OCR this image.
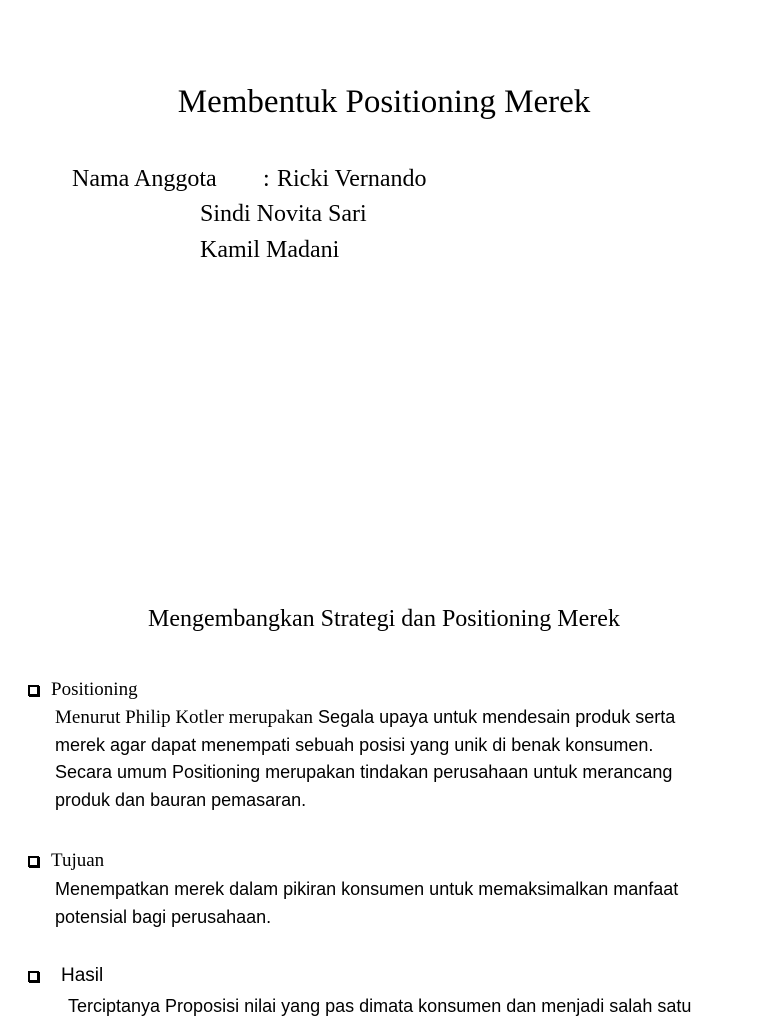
Membentuk Positioning Merek
Nama Anggota : Ricki Vernando
Sindi Novita Sari
Kamil Madani
Mengembangkan Strategi dan Positioning Merek
Positioning
Menurut Philip Kotler merupakan Segala upaya untuk mendesain produk serta
merek agar dapat menempati sebuah posisi yang unik di benak konsumen.
Secara umum Positioning merupakan tindakan perusahaan untuk merancang
produk dan bauran pemasaran.
Tujuan
Menempatkan merek dalam pikiran konsumen untuk memaksimalkan manfaat
potensial bagi perusahaan.
Hasil
Terciptanya Proposisi nilai yang pas dimata konsumen dan menjadi salah satu
